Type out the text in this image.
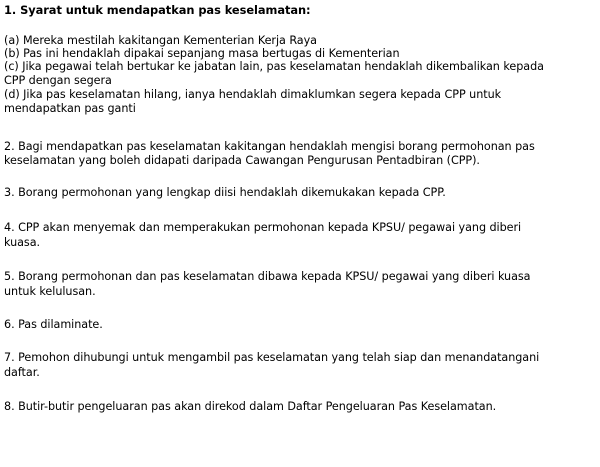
1. Syarat untuk mendapatkan pas keselamatan:

(a) Mereka mestilah kakitangan Kementerian Kerja Raya

(b) Pas ini hendaklah dipakai sepanjang masa bertugas di Kementerian

(c) Jika pegawai telah bertukar ke jabatan lain, pas keselamatan hendaklah dikembalikan kepada

CPP dengan segera

(d) Jika pas keselamatan hilang, ianya hendaklah dimaklumkan segera kepada CPP untuk

mendapatkan pas ganti

2. Bagi mendapatkan pas keselamatan kakitangan hendaklah mengisi borang permohonan pas

keselamatan yang boleh didapati daripada Cawangan Pengurusan Pentadbiran (CPP).

3. Borang permohonan yang lengkap diisi hendaklah dikemukakan kepada CPP.

4. CPP akan menyemak dan memperakukan permohonan kepada KPSU/ pegawai yang diberi

kuasa.

5. Borang permohonan dan pas keselamatan dibawa kepada KPSU/ pegawai yang diberi kuasa

untuk kelulusan.

6. Pas dilaminate.

7. Pemohon dihubungi untuk mengambil pas keselamatan yang telah siap dan menandatangani

daftar.

8. Butir-butir pengeluaran pas akan direkod dalam Daftar Pengeluaran Pas Keselamatan.
